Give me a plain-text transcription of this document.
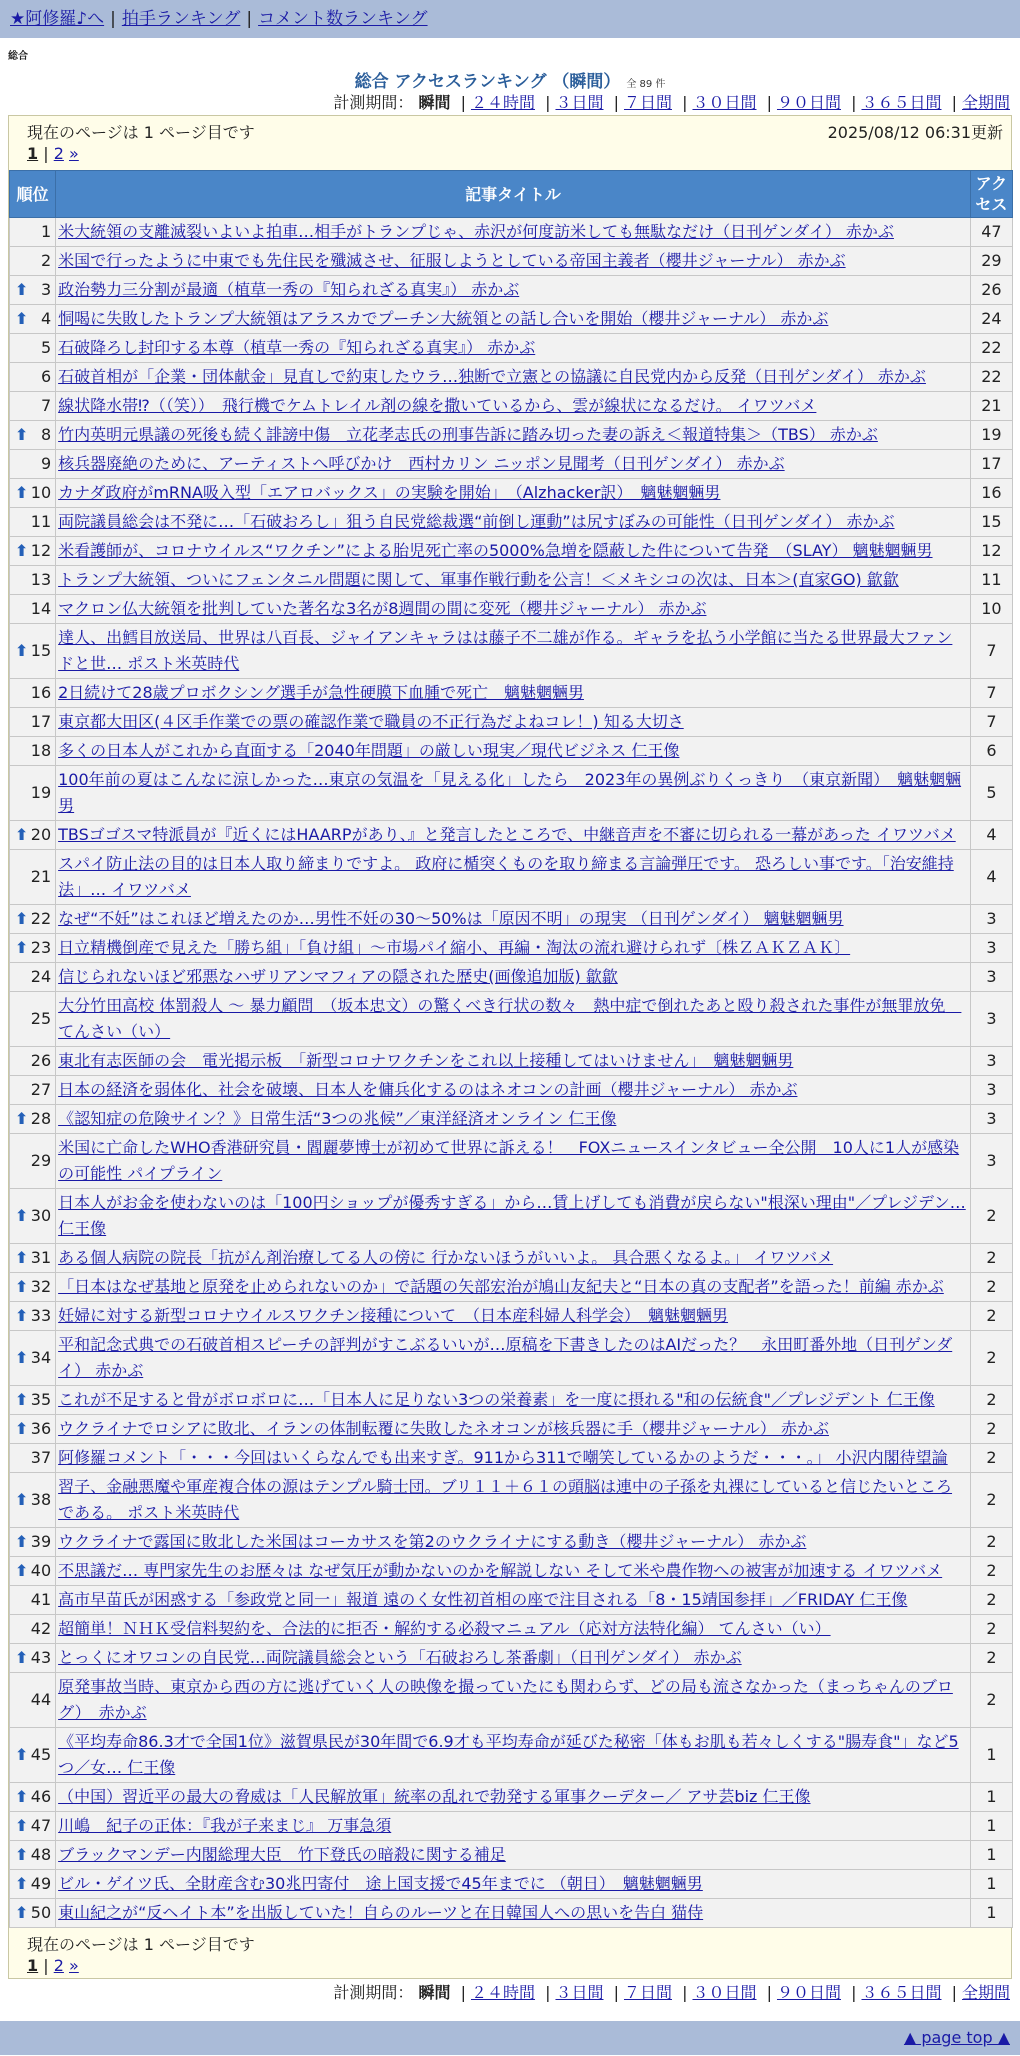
★阿修羅♪へ | 拍手ランキング | コメント数ランキング
総合
総合 アクセスランキング （瞬間） 全 89 件
計測期間： 瞬間 | ２４時間 | ３日間 | ７日間 | ３０日間 | ９０日間 | ３６５日間 | 全期間
現在のページは 1 ページ目です	2025/08/12 06:31更新
1 | 2 »
順位	記事タイトル	アクセス
1	米大統領の支離滅裂いよいよ拍車…相手がトランプじゃ、赤沢が何度訪米しても無駄なだけ（日刊ゲンダイ） 赤かぶ	47
2	米国で行ったように中東でも先住民を殲滅させ、征服しようとしている帝国主義者（櫻井ジャーナル） 赤かぶ	29

⬆ 3	政治勢力三分割が最適（植草一秀の『知られざる真実』） 赤かぶ	26

⬆ 4	恫喝に失敗したトランプ大統領はアラスカでプーチン大統領との話し合いを開始（櫻井ジャーナル） 赤かぶ	24
5	石破降ろし封印する本尊（植草一秀の『知られざる真実』） 赤かぶ	22
6	石破首相が「企業・団体献金」見直しで約束したウラ…独断で立憲との協議に自民党内から反発（日刊ゲンダイ） 赤かぶ	22
7	線状降水帯⁉（（笑））　飛行機でケムトレイル剤の線を撒いているから、雲が線状になるだけ。 イワツバメ	21

⬆ 8	竹内英明元県議の死後も続く誹謗中傷　立花孝志氏の刑事告訴に踏み切った妻の訴え＜報道特集＞（TBS） 赤かぶ	19
9	核兵器廃絶のために、アーティストへ呼びかけ　西村カリン ニッポン見聞考（日刊ゲンダイ） 赤かぶ	17

⬆ 10	カナダ政府がmRNA吸入型「エアロバックス」の実験を開始」　（Alzhacker訳）　魑魅魍魎男	16
11	両院議員総会は不発に…「石破おろし」狙う自民党総裁選“前倒し運動”は尻すぼみの可能性（日刊ゲンダイ） 赤かぶ	15

⬆ 12	米看護師が、コロナウイルス“ワクチン”による胎児死亡率の5000%急増を隠蔽した件について告発　（SLAY） 魑魅魍魎男	12
13	トランプ大統領、ついにフェンタニル問題に関して、軍事作戦行動を公言！＜メキシコの次は、日本＞(直家GO) 歙歙	11
14	マクロン仏大統領を批判していた著名な3名が8週間の間に変死（櫻井ジャーナル） 赤かぶ	10

⬆ 15	達人、出鱈目放送局、世界は八百長、ジャイアンキャラはは藤子不二雄が作る。ギャラを払う小学館に当たる世界最大ファンドと世… ポスト米英時代	7
16	2日続けて28歳プロボクシング選手が急性硬膜下血腫で死亡　魑魅魍魎男	7
17	東京都大田区(４区手作業での票の確認作業で職員の不正行為だよねコレ！) 知る大切さ	7
18	多くの日本人がこれから直面する「2040年問題」の厳しい現実／現代ビジネス 仁王像	6
19	100年前の夏はこんなに涼しかった…東京の気温を「見える化」したら　2023年の異例ぶりくっきり　（東京新聞）　魑魅魍魎男	5

⬆ 20	TBSゴゴスマ特派員が『近くにはHAARPがあり、』と発言したところで、中継音声を不審に切られる一幕があった イワツバメ	4
21	スパイ防止法の目的は日本人取り締まりですよ。 政府に楯突くものを取り締まる言論弾圧です。 恐ろしい事です。「治安維持法」… イワツバメ	4

⬆ 22	なぜ“不妊”はこれほど増えたのか…男性不妊の30～50%は「原因不明」の現実 （日刊ゲンダイ） 魑魅魍魎男	3

⬆ 23	日立精機倒産で見えた「勝ち組」「負け組」～市場パイ縮小、再編・淘汰の流れ避けられず〔株ＺＡＫＺＡＫ〕	3
24	信じられないほど邪悪なハザリアンマフィアの隠された歴史(画像追加版) 歙歙	3
25	大分竹田高校 体罰殺人 ～ 暴力顧問　（坂本忠文）の驚くべき行状の数々　熱中症で倒れたあと殴り殺された事件が無罪放免　てんさい（い）	3
26	東北有志医師の会　電光掲示板　「新型コロナワクチンをこれ以上接種してはいけません」　魑魅魍魎男	3
27	日本の経済を弱体化、社会を破壊、日本人を傭兵化するのはネオコンの計画（櫻井ジャーナル） 赤かぶ	3

⬆ 28	《認知症の危険サイン？》日常生活“3つの兆候”／東洋経済オンライン 仁王像	3
29	米国に亡命したWHO香港研究員・閻麗夢博士が初めて世界に訴える！　FOXニュースインタビュー全公開　10人に1人が感染の可能性 パイプライン	3

⬆ 30	日本人がお金を使わないのは「100円ショップが優秀すぎる」から…賃上げしても消費が戻らない"根深い理由"／プレジデン… 仁王像	2

⬆ 31	ある個人病院の院長「抗がん剤治療してる人の傍に 行かないほうがいいよ。 具合悪くなるよ。」 イワツバメ	2

⬆ 32	「日本はなぜ基地と原発を止められないのか」で話題の矢部宏治が鳩山友紀夫と“日本の真の支配者”を語った！前編 赤かぶ	2

⬆ 33	妊婦に対する新型コロナウイルスワクチン接種について　（日本産科婦人科学会）　魑魅魍魎男	2

⬆ 34	平和記念式典での石破首相スピーチの評判がすこぶるいいが…原稿を下書きしたのはAIだった？　永田町番外地（日刊ゲンダイ） 赤かぶ	2

⬆ 35	これが不足すると骨がボロボロに…「日本人に足りない3つの栄養素」を一度に摂れる"和の伝統食"／プレジデント 仁王像	2

⬆ 36	ウクライナでロシアに敗北、イランの体制転覆に失敗したネオコンが核兵器に手（櫻井ジャーナル） 赤かぶ	2
37	阿修羅コメント「・・・今回はいくらなんでも出来すぎ。911から311で嘲笑しているかのようだ・・・。」 小沢内閣待望論	2

⬆ 38	習子、金融悪魔や軍産複合体の源はテンプル騎士団。ブリ１１＋６１の頭脳は連中の子孫を丸裸にしていると信じたいところである。 ポスト米英時代	2

⬆ 39	ウクライナで露国に敗北した米国はコーカサスを第2のウクライナにする動き（櫻井ジャーナル） 赤かぶ	2

⬆ 40	不思議だ… 専門家先生のお歴々は なぜ気圧が動かないのかを解説しない そして米や農作物への被害が加速する イワツバメ	2
41	高市早苗氏が困惑する「参政党と同一」報道 遠のく女性初首相の座で注目される「8・15靖国参拝」／FRIDAY 仁王像	2
42	超簡単！ＮＨＫ受信料契約を、合法的に拒否・解約する必殺マニュアル（応対方法特化編） てんさい（い）	2

⬆ 43	とっくにオワコンの自民党…両院議員総会という「石破おろし茶番劇」（日刊ゲンダイ） 赤かぶ	2
44	原発事故当時、東京から西の方に逃げていく人の映像を撮っていたにも関わらず、どの局も流さなかった（まっちゃんのブログ）　赤かぶ	2

⬆ 45	《平均寿命86.3才で全国1位》滋賀県民が30年間で6.9才も平均寿命が延びた秘密「体もお肌も若々しくする"腸寿食"」など5つ／女… 仁王像	1

⬆ 46	（中国）習近平の最大の脅威は「人民解放軍」統率の乱れで勃発する軍事クーデター／ アサ芸biz 仁王像	1

⬆ 47	川嶋　紀子の正体：『我が子来まじ』 万事急須	1

⬆ 48	ブラックマンデー内閣総理大臣　竹下登氏の暗殺に関する補足	1

⬆ 49	ビル・ゲイツ氏、全財産含む30兆円寄付　途上国支援で45年までに （朝日）　魑魅魍魎男	1

⬆ 50	東山紀之が“反ヘイト本”を出版していた！自らのルーツと在日韓国人への思いを告白 猫侍	1
現在のページは 1 ページ目です
1 | 2 »
計測期間： 瞬間 | ２４時間 | ３日間 | ７日間 | ３０日間 | ９０日間 | ３６５日間 | 全期間
▲ page top ▲
